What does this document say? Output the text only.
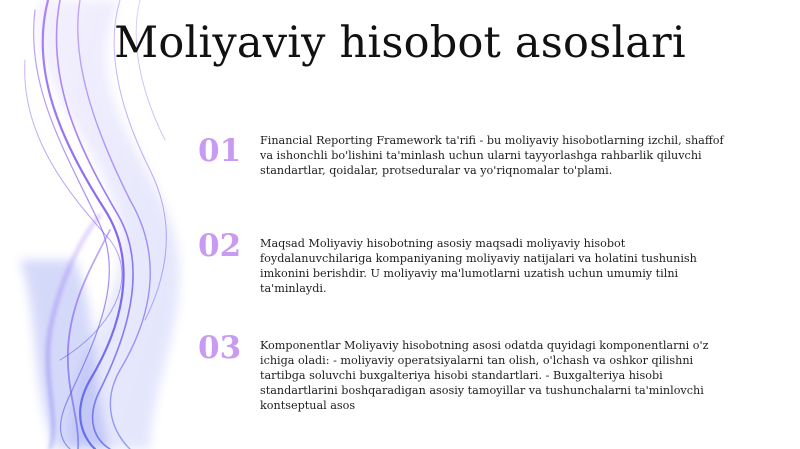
Moliyaviy hisobot asoslari
01	Financial Reporting Framework ta'rifi - bu moliyaviy hisobotlarning izchil, shaffof va ishonchli bo'lishini ta'minlash uchun ularni tayyorlashga rahbarlik qiluvchi standartlar, qoidalar, protseduralar va yo'riqnomalar to'plami.
02	Maqsad Moliyaviy hisobotning asosiy maqsadi moliyaviy hisobot foydalanuvchilariga kompaniyaning moliyaviy natijalari va holatini tushunish imkonini berishdir. U moliyaviy ma'lumotlarni uzatish uchun umumiy tilni ta'minlaydi.
03	Komponentlar Moliyaviy hisobotning asosi odatda quyidagi komponentlarni o'z ichiga oladi: - moliyaviy operatsiyalarni tan olish, o'lchash va oshkor qilishni tartibga soluvchi buxgalteriya hisobi standartlari. - Buxgalteriya hisobi standartlarini boshqaradigan asosiy tamoyillar va tushunchalarni ta'minlovchi kontseptual asos
